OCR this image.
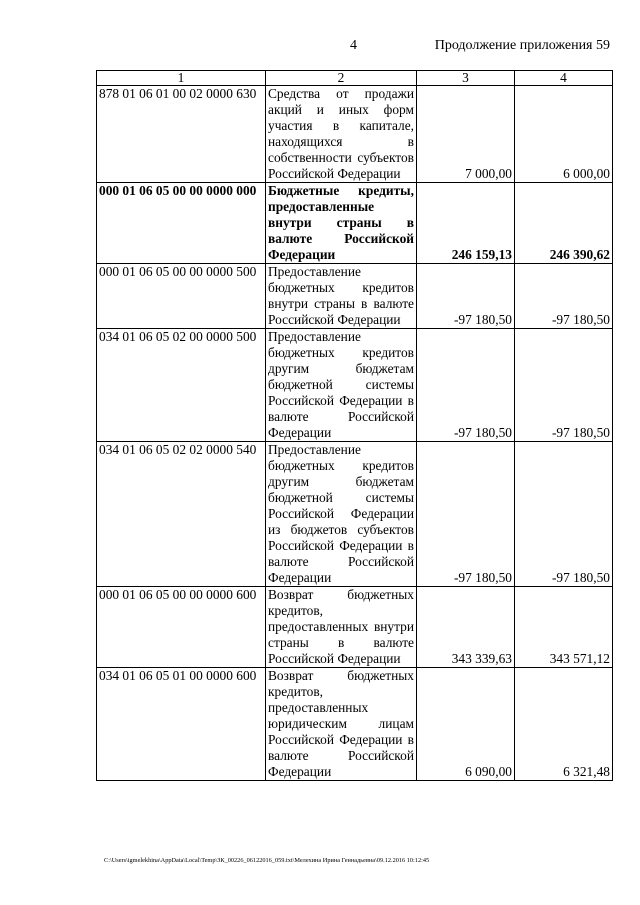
4	Продолжение приложения 59
1	2	3	4
878 01 06 01 00 02 0000 630	Средства от продажи акций и иных форм участия в капитале, находящихся в собственности субъектов Российской Федерации	7 000,00	6 000,00
000 01 06 05 00 00 0000 000	Бюджетные кредиты, предоставленные внутри страны в валюте Российской Федерации	246 159,13	246 390,62
000 01 06 05 00 00 0000 500	Предоставление бюджетных кредитов внутри страны в валюте Российской Федерации	-97 180,50	-97 180,50
034 01 06 05 02 00 0000 500	Предоставление бюджетных кредитов другим бюджетам бюджетной системы Российской Федерации в валюте Российской Федерации	-97 180,50	-97 180,50
034 01 06 05 02 02 0000 540	Предоставление бюджетных кредитов другим бюджетам бюджетной системы Российской Федерации из бюджетов субъектов Российской Федерации в валюте Российской Федерации	-97 180,50	-97 180,50
000 01 06 05 00 00 0000 600	Возврат бюджетных кредитов, предоставленных внутри страны в валюте Российской Федерации	343 339,63	343 571,12
034 01 06 05 01 00 0000 600	Возврат бюджетных кредитов, предоставленных юридическим лицам Российской Федерации в валюте Российской Федерации	6 090,00	6 321,48
C:\Users\igmelekhina\AppData\Local\Temp\ЗК_00226_06122016_059.txt\Мелехина Ирина Геннадьевна\09.12.2016 10:12:45
